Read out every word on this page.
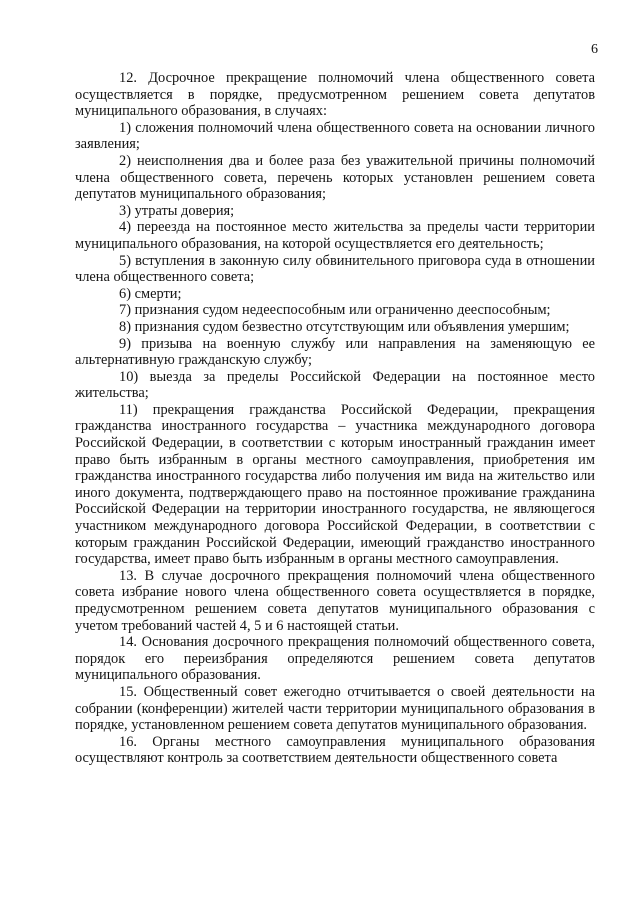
6

12. Досрочное прекращение полномочий члена общественного совета осуществляется в порядке, предусмотренном решением совета депутатов муниципального образования, в случаях:

1) сложения полномочий члена общественного совета на основании личного заявления;

2) неисполнения два и более раза без уважительной причины полномочий члена общественного совета, перечень которых установлен решением совета депутатов муниципального образования;

3) утраты доверия;

4) переезда на постоянное место жительства за пределы части территории муниципального образования, на которой осуществляется его деятельность;

5) вступления в законную силу обвинительного приговора суда в отношении члена общественного совета;

6) смерти;

7) признания судом недееспособным или ограниченно дееспособным;

8) признания судом безвестно отсутствующим или объявления умершим;

9) призыва на военную службу или направления на заменяющую ее альтернативную гражданскую службу;

10) выезда за пределы Российской Федерации на постоянное место жительства;

11) прекращения гражданства Российской Федерации, прекращения гражданства иностранного государства – участника международного договора Российской Федерации, в соответствии с которым иностранный гражданин имеет право быть избранным в органы местного самоуправления, приобретения им гражданства иностранного государства либо получения им вида на жительство или иного документа, подтверждающего право на постоянное проживание гражданина Российской Федерации на территории иностранного государства, не являющегося участником международного договора Российской Федерации, в соответствии с которым гражданин Российской Федерации, имеющий гражданство иностранного государства, имеет право быть избранным в органы местного самоуправления.

13. В случае досрочного прекращения полномочий члена общественного совета избрание нового члена общественного совета осуществляется в порядке, предусмотренном решением совета депутатов муниципального образования с учетом требований частей 4, 5 и 6 настоящей статьи.

14. Основания досрочного прекращения полномочий общественного совета, порядок его переизбрания определяются решением совета депутатов муниципального образования.

15. Общественный совет ежегодно отчитывается о своей деятельности на собрании (конференции) жителей части территории муниципального образования в порядке, установленном решением совета депутатов муниципального образования.

16. Органы местного самоуправления муниципального образования осуществляют контроль за соответствием деятельности общественного совета
